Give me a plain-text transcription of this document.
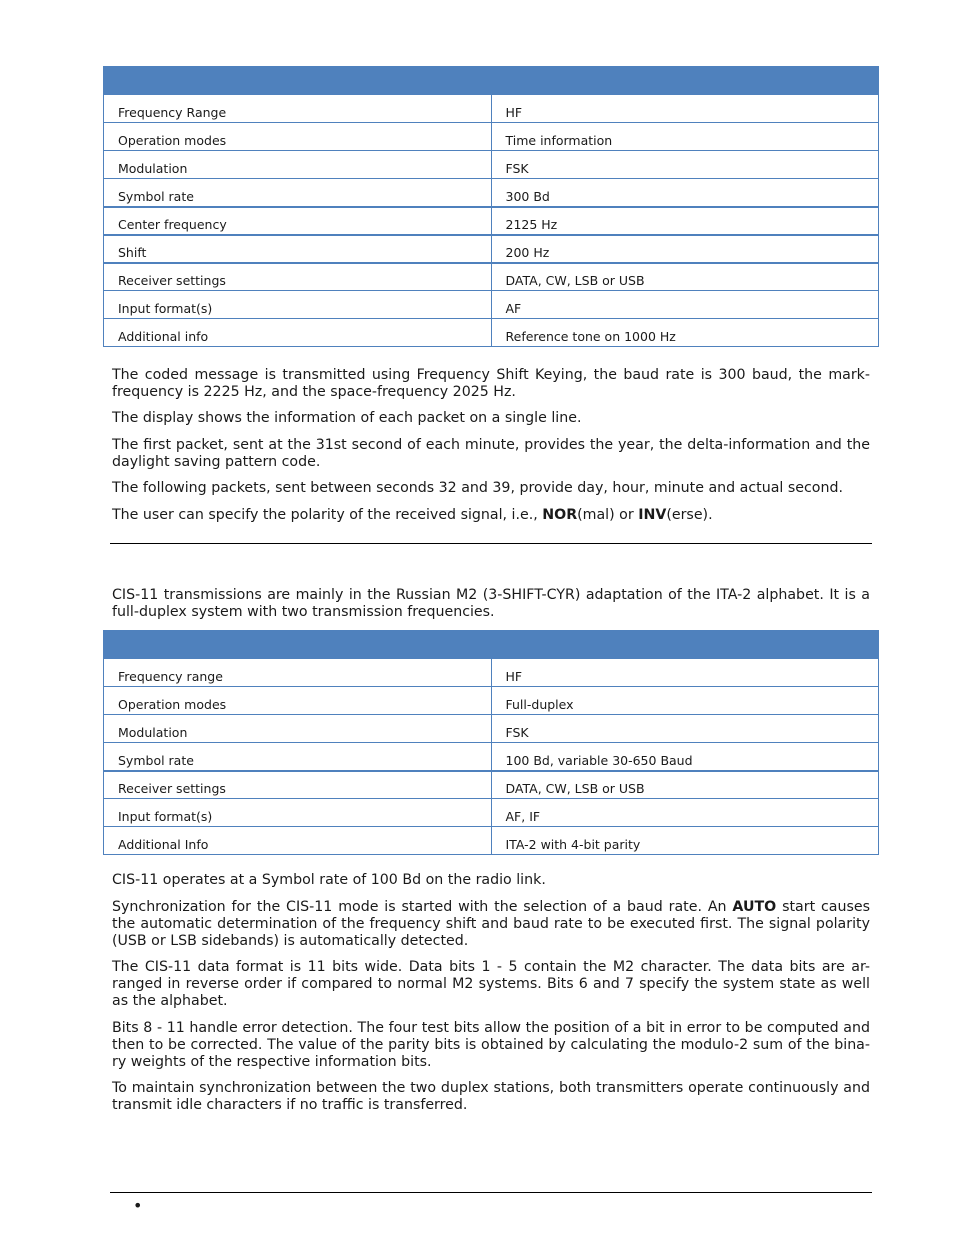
Frequency Range	HF
Operation modes	Time information
Modulation	FSK
Symbol rate	300 Bd
Center frequency	2125 Hz
Shift	200 Hz
Receiver settings	DATA, CW, LSB or USB
Input format(s)	AF
Additional info	Reference tone on 1000 Hz

The coded message is transmitted using Frequency Shift Keying, the baud rate is 300 baud, the mark-frequency is 2225 Hz, and the space-frequency 2025 Hz.

The display shows the information of each packet on a single line.

The first packet, sent at the 31st second of each minute, provides the year, the delta-information and the daylight saving pattern code.

The following packets, sent between seconds 32 and 39, provide day, hour, minute and actual second.

The user can specify the polarity of the received signal, i.e., NOR(mal) or INV(erse).

CIS-11 transmissions are mainly in the Russian M2 (3-SHIFT-CYR) adaptation of the ITA-2 alphabet. It is a full-duplex system with two transmission frequencies.

Frequency range	HF
Operation modes	Full-duplex
Modulation	FSK
Symbol rate	100 Bd, variable 30-650 Baud
Receiver settings	DATA, CW, LSB or USB
Input format(s)	AF, IF
Additional Info	ITA-2 with 4-bit parity

CIS-11 operates at a Symbol rate of 100 Bd on the radio link.

Synchronization for the CIS-11 mode is started with the selection of a baud rate. An AUTO start causes the automatic determination of the frequency shift and baud rate to be executed first. The signal polarity (USB or LSB sidebands) is automatically detected.

The CIS-11 data format is 11 bits wide. Data bits 1 - 5 contain the M2 character. The data bits are ar-ranged in reverse order if compared to normal M2 systems. Bits 6 and 7 specify the system state as well as the alphabet.

Bits 8 - 11 handle error detection. The four test bits allow the position of a bit in error to be computed and then to be corrected. The value of the parity bits is obtained by calculating the modulo-2 sum of the bina-ry weights of the respective information bits.

To maintain synchronization between the two duplex stations, both transmitters operate continuously and transmit idle characters if no traffic is transferred.

•
